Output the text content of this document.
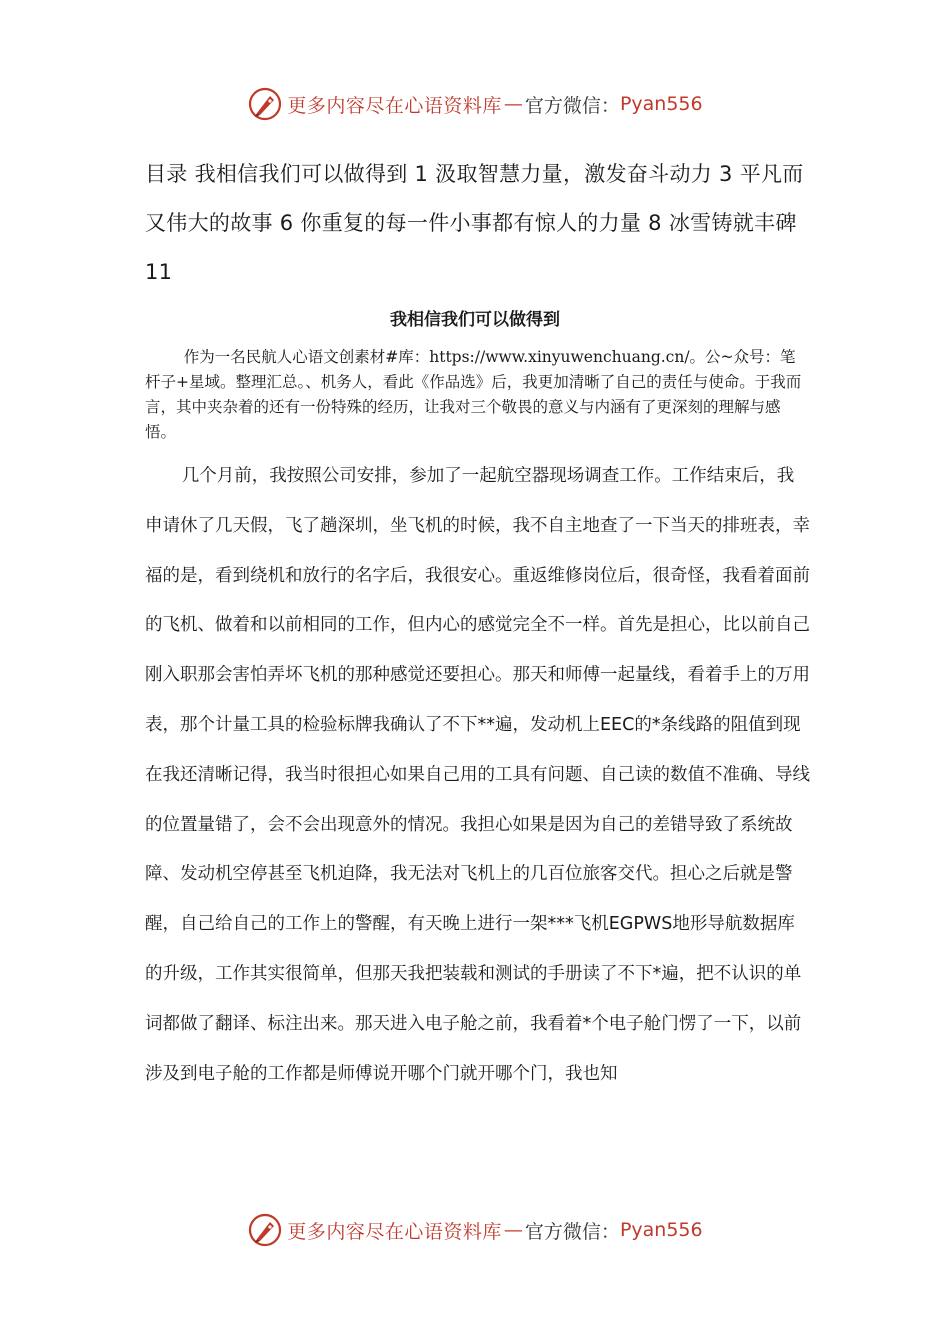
更多内容尽在心语资料库 — 官方微信： Pyan556
目录 我相信我们可以做得到 1 汲取智慧力量，激发奋斗动力 3 平凡而又伟大的故事 6 你重复的每一件小事都有惊人的力量 8 冰雪铸就丰碑 11
我相信我们可以做得到
作为一名民航人心语文创素材#库：https://www.xinyuwenchuang.cn/。公~众号：笔杆子+星域。整理汇总。、机务人，看此《作品选》后，我更加清晰了自己的责任与使命。于我而言，其中夹杂着的还有一份特殊的经历，让我对三个敬畏的意义与内涵有了更深刻的理解与感悟。
几个月前，我按照公司安排，参加了一起航空器现场调查工作。工作结束后，我申请休了几天假，飞了趟深圳，坐飞机的时候，我不自主地查了一下当天的排班表，幸福的是，看到绕机和放行的名字后，我很安心。重返维修岗位后，很奇怪，我看着面前的飞机、做着和以前相同的工作，但内心的感觉完全不一样。首先是担心，比以前自己刚入职那会害怕弄坏飞机的那种感觉还要担心。那天和师傅一起量线，看着手上的万用表，那个计量工具的检验标牌我确认了不下**遍，发动机上EEC的*条线路的阻值到现在我还清晰记得，我当时很担心如果自己用的工具有问题、自己读的数值不准确、导线的位置量错了，会不会出现意外的情况。我担心如果是因为自己的差错导致了系统故障、发动机空停甚至飞机迫降，我无法对飞机上的几百位旅客交代。担心之后就是警醒，自己给自己的工作上的警醒，有天晚上进行一架***飞机EGPWS地形导航数据库的升级，工作其实很简单，但那天我把装载和测试的手册读了不下*遍，把不认识的单词都做了翻译、标注出来。那天进入电子舱之前，我看着*个电子舱门愣了一下，以前涉及到电子舱的工作都是师傅说开哪个门就开哪个门，我也知
更多内容尽在心语资料库 — 官方微信： Pyan556
